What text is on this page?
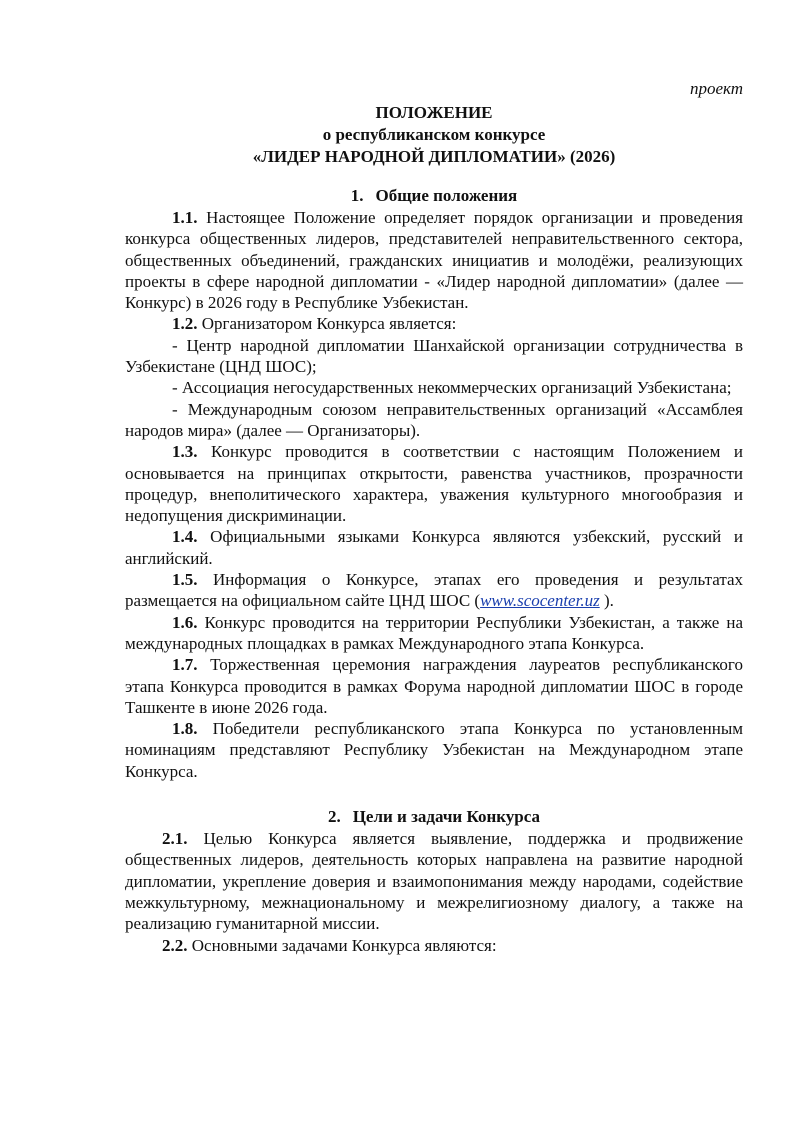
проект

ПОЛОЖЕНИЕ

о республиканском конкурсе

«ЛИДЕР НАРОДНОЙ ДИПЛОМАТИИ» (2026)

1. Общие положения

1.1. Настоящее Положение определяет порядок организации и проведения конкурса общественных лидеров, представителей неправительственного сектора, общественных объединений, гражданских инициатив и молодёжи, реализующих проекты в сфере народной дипломатии - «Лидер народной дипломатии» (далее — Конкурс) в 2026 году в Республике Узбекистан.

1.2. Организатором Конкурса является:

- Центр народной дипломатии Шанхайской организации сотрудничества в Узбекистане (ЦНД ШОС);

- Ассоциация негосударственных некоммерческих организаций Узбекистана;

- Международным союзом неправительственных организаций «Ассамблея народов мира» (далее — Организаторы).

1.3. Конкурс проводится в соответствии с настоящим Положением и основывается на принципах открытости, равенства участников, прозрачности процедур, внеполитического характера, уважения культурного многообразия и недопущения дискриминации.

1.4. Официальными языками Конкурса являются узбекский, русский и английский.

1.5. Информация о Конкурсе, этапах его проведения и результатах размещается на официальном сайте ЦНД ШОС (www.scocenter.uz ).

1.6. Конкурс проводится на территории Республики Узбекистан, а также на международных площадках в рамках Международного этапа Конкурса.

1.7. Торжественная церемония награждения лауреатов республиканского этапа Конкурса проводится в рамках Форума народной дипломатии ШОС в городе Ташкенте в июне 2026 года.

1.8. Победители республиканского этапа Конкурса по установленным номинациям представляют Республику Узбекистан на Международном этапе Конкурса.

2. Цели и задачи Конкурса

2.1. Целью Конкурса является выявление, поддержка и продвижение общественных лидеров, деятельность которых направлена на развитие народной дипломатии, укрепление доверия и взаимопонимания между народами, содействие межкультурному, межнациональному и межрелигиозному диалогу, а также на реализацию гуманитарной миссии.

2.2. Основными задачами Конкурса являются:
